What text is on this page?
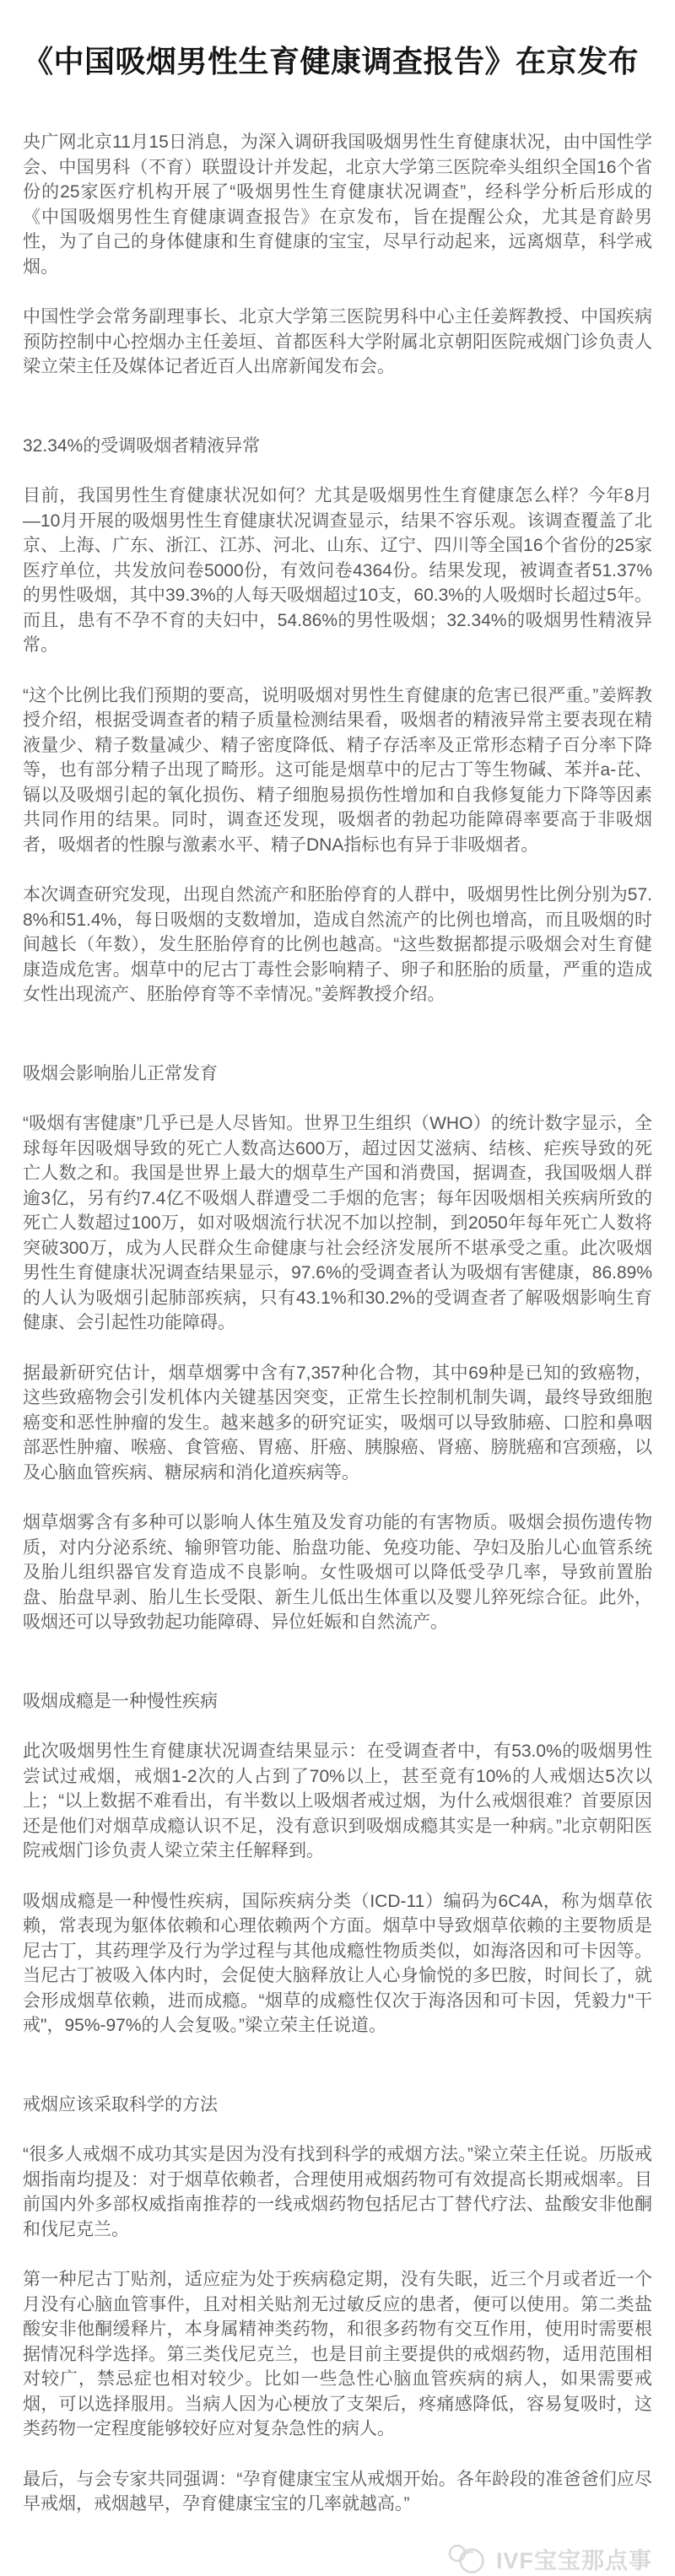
《中国吸烟男性生育健康调查报告》在京发布

央广网北京11月15日消息，为深入调研我国吸烟男性生育健康状况，由中国性学会、中国男科（不育）联盟设计并发起，北京大学第三医院牵头组织全国16个省份的25家医疗机构开展了“吸烟男性生育健康状况调查”，经科学分析后形成的《中国吸烟男性生育健康调查报告》在京发布，旨在提醒公众，尤其是育龄男性，为了自己的身体健康和生育健康的宝宝，尽早行动起来，远离烟草，科学戒烟。

中国性学会常务副理事长、北京大学第三医院男科中心主任姜辉教授、中国疾病预防控制中心控烟办主任姜垣、首都医科大学附属北京朝阳医院戒烟门诊负责人梁立荣主任及媒体记者近百人出席新闻发布会。

32.34%的受调吸烟者精液异常

目前，我国男性生育健康状况如何？尤其是吸烟男性生育健康怎么样？今年8月—10月开展的吸烟男性生育健康状况调查显示，结果不容乐观。该调查覆盖了北京、上海、广东、浙江、江苏、河北、山东、辽宁、四川等全国16个省份的25家医疗单位，共发放问卷5000份，有效问卷4364份。结果发现，被调查者51.37%的男性吸烟，其中39.3%的人每天吸烟超过10支，60.3%的人吸烟时长超过5年。而且，患有不孕不育的夫妇中，54.86%的男性吸烟；32.34%的吸烟男性精液异常。

“这个比例比我们预期的要高，说明吸烟对男性生育健康的危害已很严重。”姜辉教授介绍，根据受调查者的精子质量检测结果看，吸烟者的精液异常主要表现在精液量少、精子数量减少、精子密度降低、精子存活率及正常形态精子百分率下降等，也有部分精子出现了畸形。这可能是烟草中的尼古丁等生物碱、苯并a-芘、镉以及吸烟引起的氧化损伤、精子细胞易损伤性增加和自我修复能力下降等因素共同作用的结果。同时，调查还发现，吸烟者的勃起功能障碍率要高于非吸烟者，吸烟者的性腺与激素水平、精子DNA指标也有异于非吸烟者。

本次调查研究发现，出现自然流产和胚胎停育的人群中，吸烟男性比例分别为57.8%和51.4%，每日吸烟的支数增加，造成自然流产的比例也增高，而且吸烟的时间越长（年数），发生胚胎停育的比例也越高。“这些数据都提示吸烟会对生育健康造成危害。烟草中的尼古丁毒性会影响精子、卵子和胚胎的质量，严重的造成女性出现流产、胚胎停育等不幸情况。”姜辉教授介绍。

吸烟会影响胎儿正常发育

“吸烟有害健康”几乎已是人尽皆知。世界卫生组织（WHO）的统计数字显示，全球每年因吸烟导致的死亡人数高达600万，超过因艾滋病、结核、疟疾导致的死亡人数之和。我国是世界上最大的烟草生产国和消费国，据调查，我国吸烟人群逾3亿，另有约7.4亿不吸烟人群遭受二手烟的危害；每年因吸烟相关疾病所致的死亡人数超过100万，如对吸烟流行状况不加以控制，到2050年每年死亡人数将突破300万，成为人民群众生命健康与社会经济发展所不堪承受之重。此次吸烟男性生育健康状况调查结果显示，97.6%的受调查者认为吸烟有害健康，86.89%的人认为吸烟引起肺部疾病，只有43.1%和30.2%的受调查者了解吸烟影响生育健康、会引起性功能障碍。

据最新研究估计，烟草烟雾中含有7,357种化合物，其中69种是已知的致癌物，这些致癌物会引发机体内关键基因突变，正常生长控制机制失调，最终导致细胞癌变和恶性肿瘤的发生。越来越多的研究证实，吸烟可以导致肺癌、口腔和鼻咽部恶性肿瘤、喉癌、食管癌、胃癌、肝癌、胰腺癌、肾癌、膀胱癌和宫颈癌，以及心脑血管疾病、糖尿病和消化道疾病等。

烟草烟雾含有多种可以影响人体生殖及发育功能的有害物质。吸烟会损伤遗传物质，对内分泌系统、输卵管功能、胎盘功能、免疫功能、孕妇及胎儿心血管系统及胎儿组织器官发育造成不良影响。女性吸烟可以降低受孕几率，导致前置胎盘、胎盘早剥、胎儿生长受限、新生儿低出生体重以及婴儿猝死综合征。此外，吸烟还可以导致勃起功能障碍、异位妊娠和自然流产。

吸烟成瘾是一种慢性疾病

此次吸烟男性生育健康状况调查结果显示：在受调查者中，有53.0%的吸烟男性尝试过戒烟，戒烟1-2次的人占到了70%以上，甚至竟有10%的人戒烟达5次以上；“以上数据不难看出，有半数以上吸烟者戒过烟，为什么戒烟很难？首要原因还是他们对烟草成瘾认识不足，没有意识到吸烟成瘾其实是一种病。”北京朝阳医院戒烟门诊负责人梁立荣主任解释到。

吸烟成瘾是一种慢性疾病，国际疾病分类（ICD-11）编码为6C4A，称为烟草依赖，常表现为躯体依赖和心理依赖两个方面。烟草中导致烟草依赖的主要物质是尼古丁，其药理学及行为学过程与其他成瘾性物质类似，如海洛因和可卡因等。当尼古丁被吸入体内时，会促使大脑释放让人心身愉悦的多巴胺，时间长了，就会形成烟草依赖，进而成瘾。“烟草的成瘾性仅次于海洛因和可卡因，凭毅力"干戒"，95%-97%的人会复吸。”梁立荣主任说道。

戒烟应该采取科学的方法

“很多人戒烟不成功其实是因为没有找到科学的戒烟方法。”梁立荣主任说。历版戒烟指南均提及：对于烟草依赖者，合理使用戒烟药物可有效提高长期戒烟率。目前国内外多部权威指南推荐的一线戒烟药物包括尼古丁替代疗法、盐酸安非他酮和伐尼克兰。

第一种尼古丁贴剂，适应症为处于疾病稳定期，没有失眠，近三个月或者近一个月没有心脑血管事件，且对相关贴剂无过敏反应的患者，便可以使用。第二类盐酸安非他酮缓释片，本身属精神类药物，和很多药物有交互作用，使用时需要根据情况科学选择。第三类伐尼克兰，也是目前主要提供的戒烟药物，适用范围相对较广，禁忌症也相对较少。比如一些急性心脑血管疾病的病人，如果需要戒烟，可以选择服用。当病人因为心梗放了支架后，疼痛感降低，容易复吸时，这类药物一定程度能够较好应对复杂急性的病人。

最后，与会专家共同强调：“孕育健康宝宝从戒烟开始。各年龄段的准爸爸们应尽早戒烟，戒烟越早，孕育健康宝宝的几率就越高。”

IVF宝宝那点事
